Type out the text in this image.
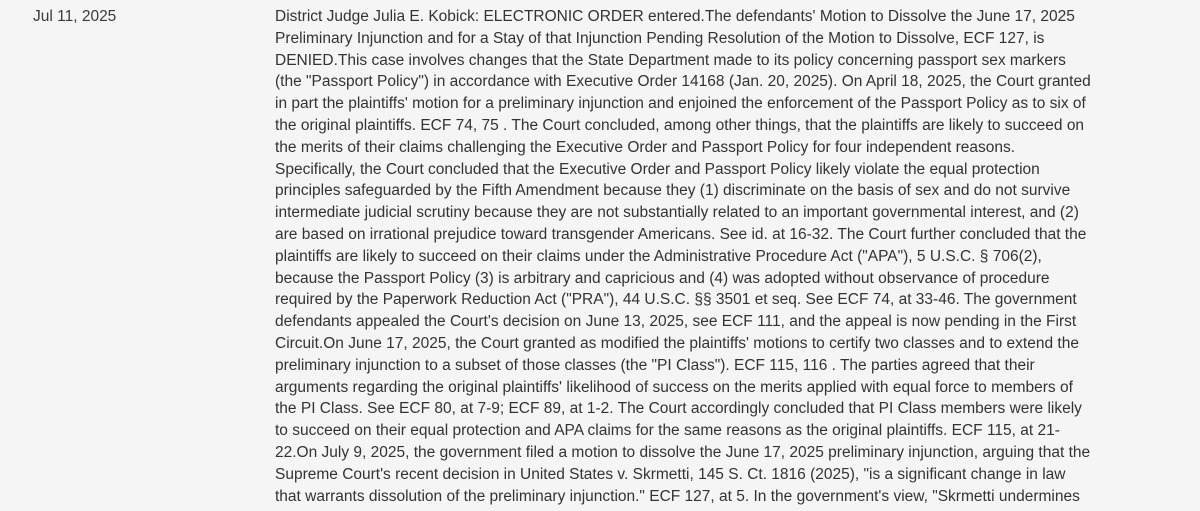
Jul 11, 2025	District Judge Julia E. Kobick: ELECTRONIC ORDER entered.The defendants' Motion to Dissolve the June 17, 2025
Preliminary Injunction and for a Stay of that Injunction Pending Resolution of the Motion to Dissolve, ECF 127, is
DENIED.This case involves changes that the State Department made to its policy concerning passport sex markers
(the "Passport Policy") in accordance with Executive Order 14168 (Jan. 20, 2025). On April 18, 2025, the Court granted
in part the plaintiffs' motion for a preliminary injunction and enjoined the enforcement of the Passport Policy as to six of
the original plaintiffs. ECF 74, 75 . The Court concluded, among other things, that the plaintiffs are likely to succeed on
the merits of their claims challenging the Executive Order and Passport Policy for four independent reasons.
Specifically, the Court concluded that the Executive Order and Passport Policy likely violate the equal protection
principles safeguarded by the Fifth Amendment because they (1) discriminate on the basis of sex and do not survive
intermediate judicial scrutiny because they are not substantially related to an important governmental interest, and (2)
are based on irrational prejudice toward transgender Americans. See id. at 16-32. The Court further concluded that the
plaintiffs are likely to succeed on their claims under the Administrative Procedure Act ("APA"), 5 U.S.C. § 706(2),
because the Passport Policy (3) is arbitrary and capricious and (4) was adopted without observance of procedure
required by the Paperwork Reduction Act ("PRA"), 44 U.S.C. §§ 3501 et seq. See ECF 74, at 33-46. The government
defendants appealed the Court's decision on June 13, 2025, see ECF 111, and the appeal is now pending in the First
Circuit.On June 17, 2025, the Court granted as modified the plaintiffs' motions to certify two classes and to extend the
preliminary injunction to a subset of those classes (the "PI Class"). ECF 115, 116 . The parties agreed that their
arguments regarding the original plaintiffs' likelihood of success on the merits applied with equal force to members of
the PI Class. See ECF 80, at 7-9; ECF 89, at 1-2. The Court accordingly concluded that PI Class members were likely
to succeed on their equal protection and APA claims for the same reasons as the original plaintiffs. ECF 115, at 21-
22.On July 9, 2025, the government filed a motion to dissolve the June 17, 2025 preliminary injunction, arguing that the
Supreme Court's recent decision in United States v. Skrmetti, 145 S. Ct. 1816 (2025), "is a significant change in law
that warrants dissolution of the preliminary injunction." ECF 127, at 5. In the government's view, "Skrmetti undermines
